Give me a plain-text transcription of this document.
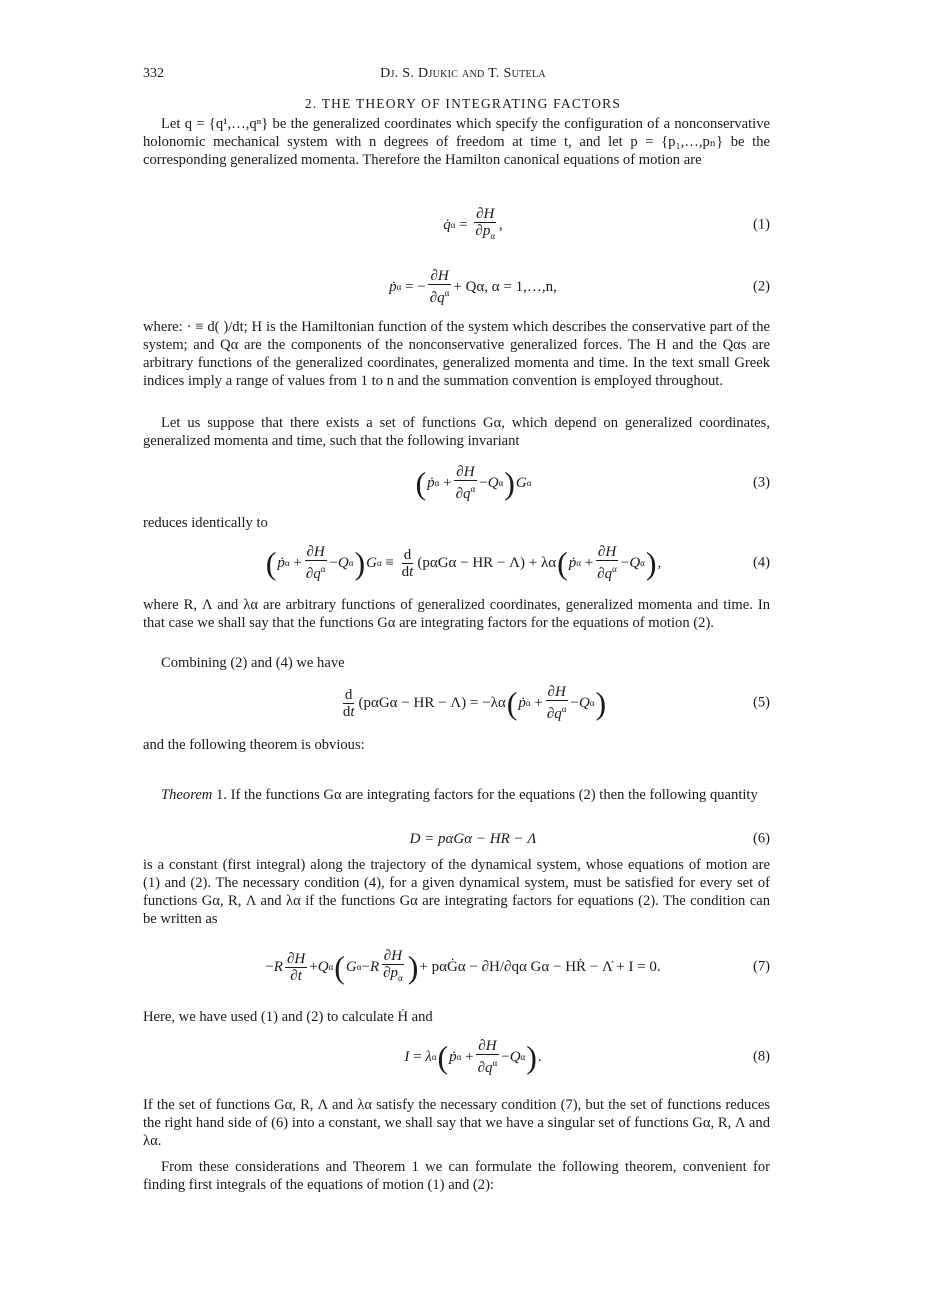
332	Dj. S. Djukic and T. Sutela
2. THE THEORY OF INTEGRATING FACTORS

Let q = {q¹,…,qⁿ} be the generalized coordinates which specify the configuration of a nonconservative holonomic mechanical system with n degrees of freedom at time t, and let p = {p₁,…,pₙ} be the corresponding generalized momenta. Therefore the Hamilton canonical equations of motion are

q̇ $\alpha = \frac{\partial H}{\partial p_\alpha}$ ,	(1)
ṗ α = − $\frac{\partial H}{\partial q^\alpha} + Q\alpha$, α = 1,…,n,	(2)

where: · ≡ d( )/dt; H is the Hamiltonian function of the system which describes the conservative part of the system; and Qα are the components of the nonconservative generalized forces. The H and the Qαs are arbitrary functions of the generalized coordinates, generalized momenta and time. In the text small Greek indices imply a range of values from 1 to n and the summation convention is employed throughout.

Let us suppose that there exists a set of functions Gα, which depend on generalized coordinates, generalized momenta and time, such that the following invariant

( ṗ $\alpha + \frac{\partial H}{\partial q^\alpha} - Q$ α ) G α	(3)

reduces identically to

( ṗ $\alpha + \frac{\partial H}{\partial q^\alpha} - Q$ α ) G α
≡
$\frac{d}{dt} (p\alpha G\alpha$ − HR − Λ) + λα ( ṗ $\alpha + \frac{\partial H}{\partial q^\alpha} - Q$ α ) ,	(4)

where R, Λ and λα are arbitrary functions of generalized coordinates, generalized momenta and time. In that case we shall say that the functions Gα are integrating factors for the equations of motion (2).

Combining (2) and (4) we have

$\frac{d}{dt} (p\alpha G\alpha$ − HR − Λ) = −λα ( ṗ $\alpha + \frac{\partial H}{\partial q^\alpha} - Q$ α )	(5)

and the following theorem is obvious:

Theorem 1. If the functions Gα are integrating factors for the equations (2) then the following quantity

D = pαGα − HR − Λ	(6)

is a constant (first integral) along the trajectory of the dynamical system, whose equations of motion are (1) and (2). The necessary condition (4), for a given dynamical system, must be satisfied for every set of functions Gα, R, Λ and λα if the functions Gα are integrating factors for equations (2). The condition can be written as

− R $\frac{\partial H}{\partial t} + Q$ α ( G α − R $\frac{\partial H}{\partial p_\alpha}$ ) + pαĠα − ∂H/∂qα Gα − HṘ − Λ̇ + I = 0.	(7)

Here, we have used (1) and (2) to calculate Ḣ and

I = λ α ( ṗ $\alpha + \frac{\partial H}{\partial q^\alpha} - Q$ α ) .	(8)

If the set of functions Gα, R, Λ and λα satisfy the necessary condition (7), but the set of functions reduces the right hand side of (6) into a constant, we shall say that we have a singular set of functions Gα, R, Λ and λα.

From these considerations and Theorem 1 we can formulate the following theorem, convenient for finding first integrals of the equations of motion (1) and (2):
